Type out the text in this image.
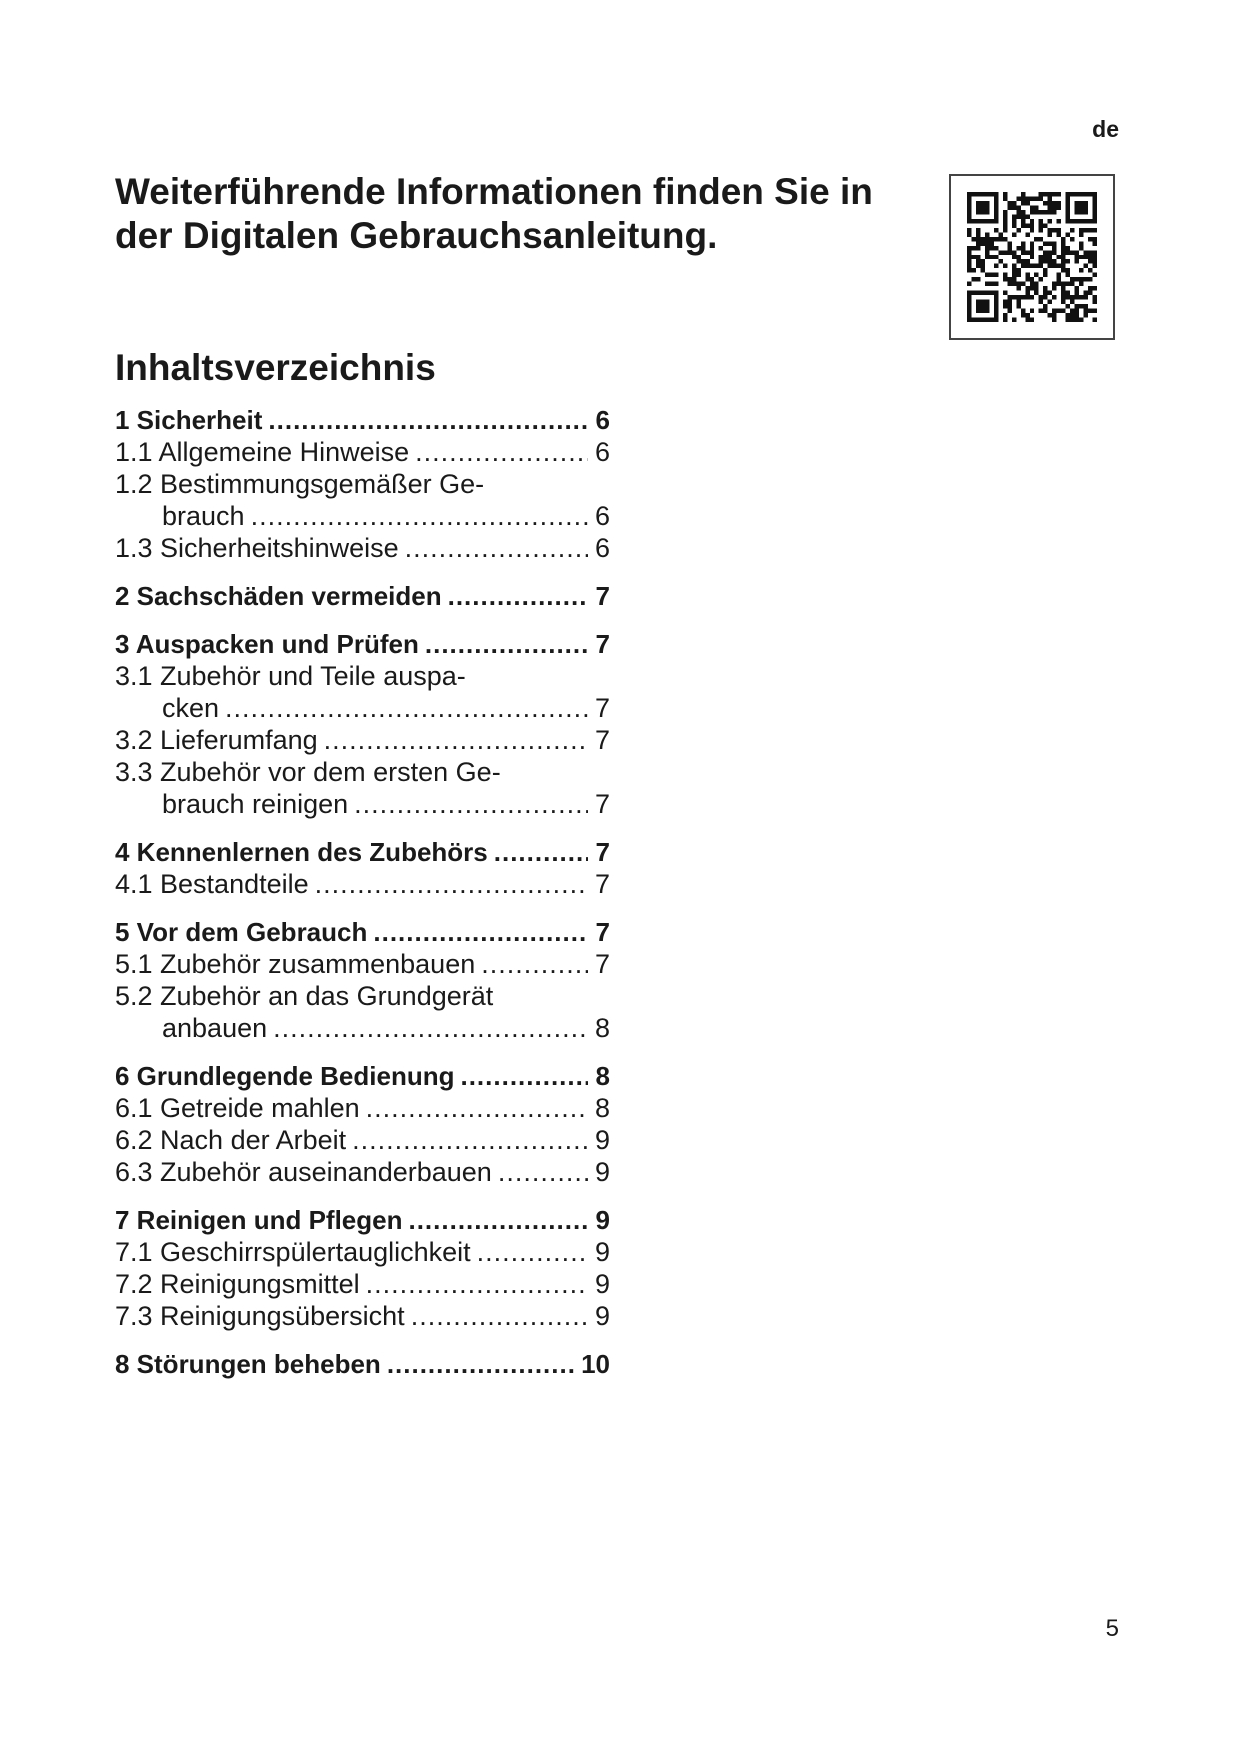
de
Weiterführende Informationen finden Sie in
der Digitalen Gebrauchsanleitung.
Inhaltsverzeichnis
1 Sicherheit .....	6
1.1 Allgemeine Hinweise .....	6
1.2 Bestimmungsgemäßer Ge-
brauch .....	6
1.3 Sicherheitshinweise .....	6
2 Sachschäden vermeiden .....	7
3 Auspacken und Prüfen .....	7
3.1 Zubehör und Teile auspa-
cken .....	7
3.2 Lieferumfang .....	7
3.3 Zubehör vor dem ersten Ge-
brauch reinigen .....	7
4 Kennenlernen des Zubehörs .....	7
4.1 Bestandteile .....	7
5 Vor dem Gebrauch .....	7
5.1 Zubehör zusammenbauen .....	7
5.2 Zubehör an das Grundgerät
anbauen .....	8
6 Grundlegende Bedienung .....	8
6.1 Getreide mahlen .....	8
6.2 Nach der Arbeit .....	9
6.3 Zubehör auseinanderbauen .....	9
7 Reinigen und Pflegen .....	9
7.1 Geschirrspülertauglichkeit .....	9
7.2 Reinigungsmittel .....	9
7.3 Reinigungsübersicht .....	9
8 Störungen beheben .....	10
5
